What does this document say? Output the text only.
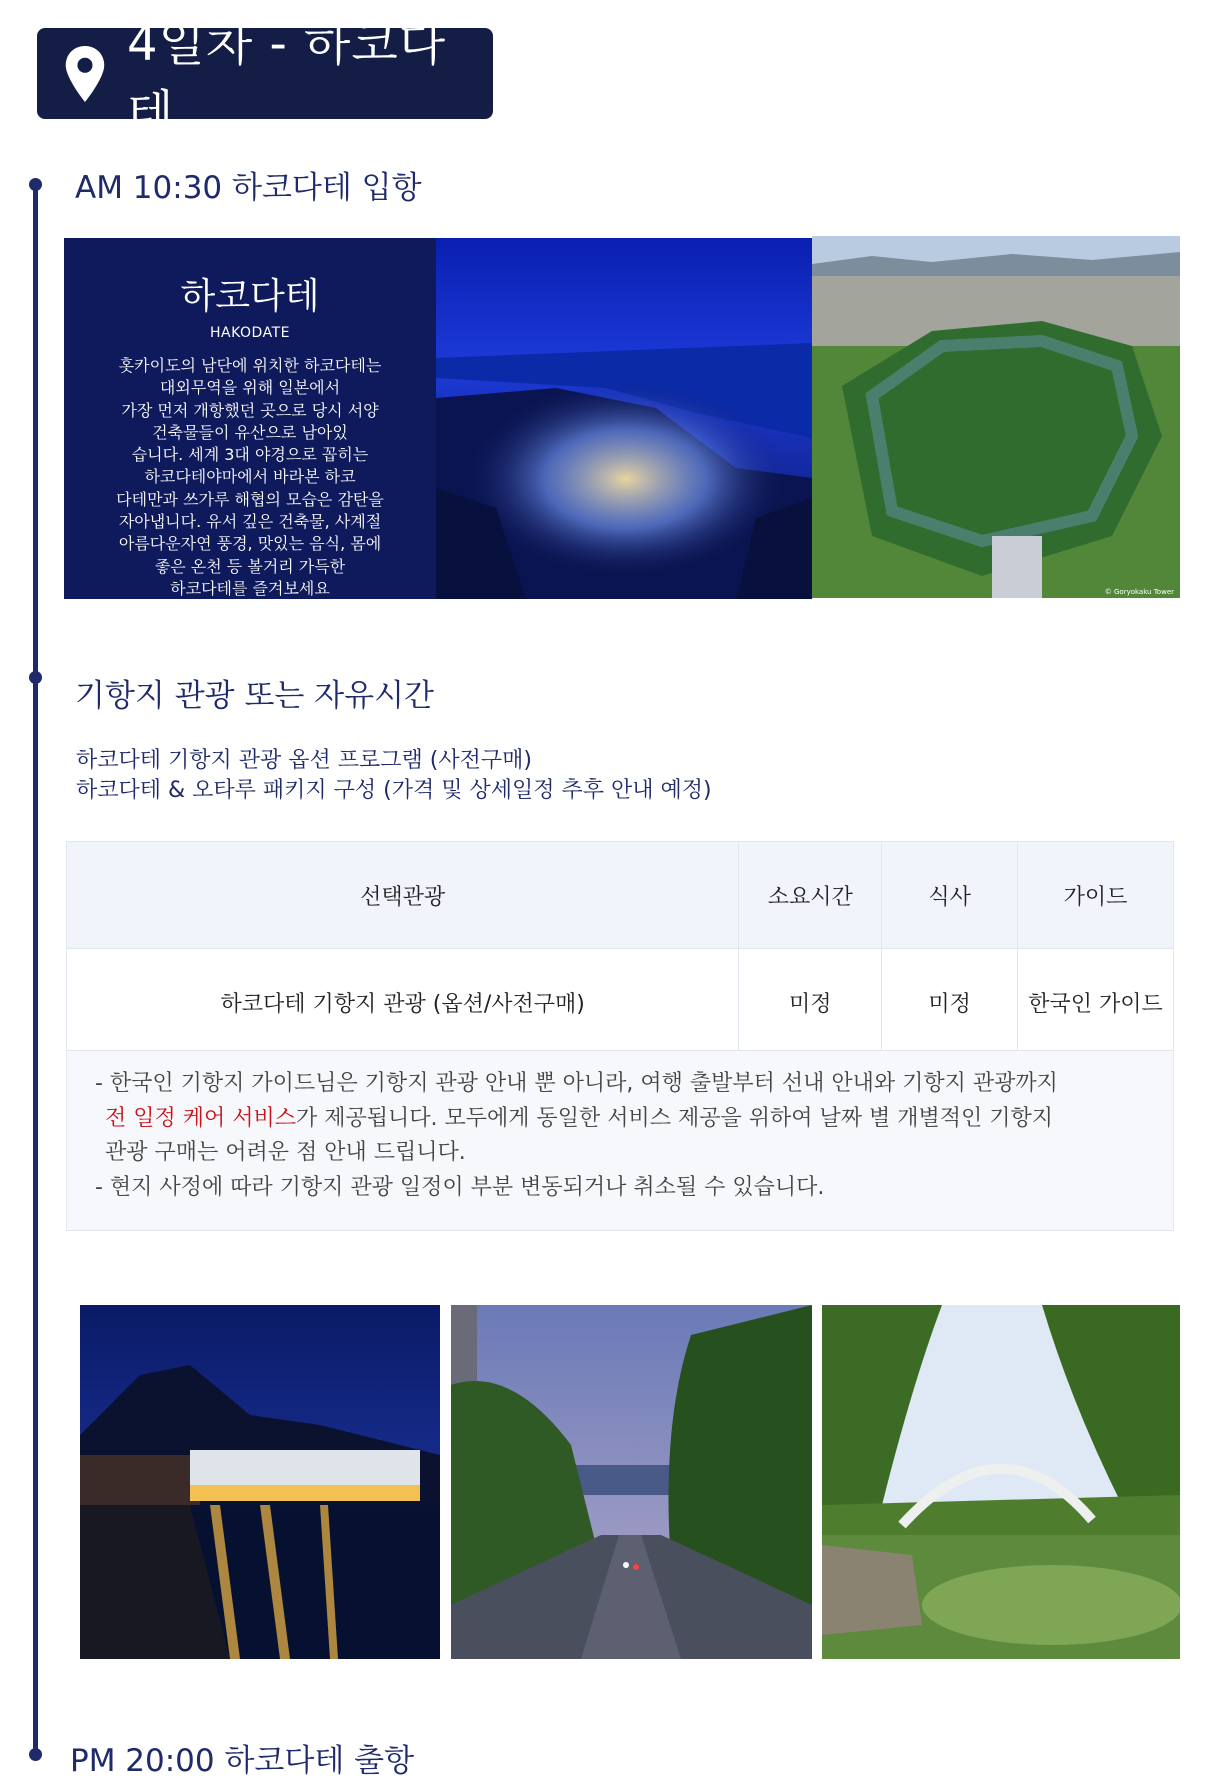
4일차 - 하코다테
AM 10:30 하코다테 입항
하코다테
HAKODATE
홋카이도의 남단에 위치한 하코다테는
대외무역을 위해 일본에서
가장 먼저 개항했던 곳으로 당시 서양
건축물들이 유산으로 남아있
습니다. 세계 3대 야경으로 꼽히는
하코다테야마에서 바라본 하코
다테만과 쓰가루 해협의 모습은 감탄을
자아냅니다. 유서 깊은 건축물, 사계절
아름다운자연 풍경, 맛있는 음식, 몸에
좋은 온천 등 볼거리 가득한
하코다테를 즐겨보세요	© Goryokaku Tower
기항지 관광 또는 자유시간
하코다테 기항지 관광 옵션 프로그램 (사전구매)
하코다테 & 오타루 패키지 구성 (가격 및 상세일정 추후 안내 예정)
선택관광	소요시간	식사	가이드
하코다테 기항지 관광 (옵션/사전구매)	미정	미정	한국인 가이드
- 한국인 기항지 가이드님은 기항지 관광 안내 뿐 아니라, 여행 출발부터 선내 안내와 기항지 관광까지
전 일정 케어 서비스가 제공됩니다. 모두에게 동일한 서비스 제공을 위하여 날짜 별 개별적인 기항지
관광 구매는 어려운 점 안내 드립니다.
- 현지 사정에 따라 기항지 관광 일정이 부분 변동되거나 취소될 수 있습니다.
PM 20:00 하코다테 출항
